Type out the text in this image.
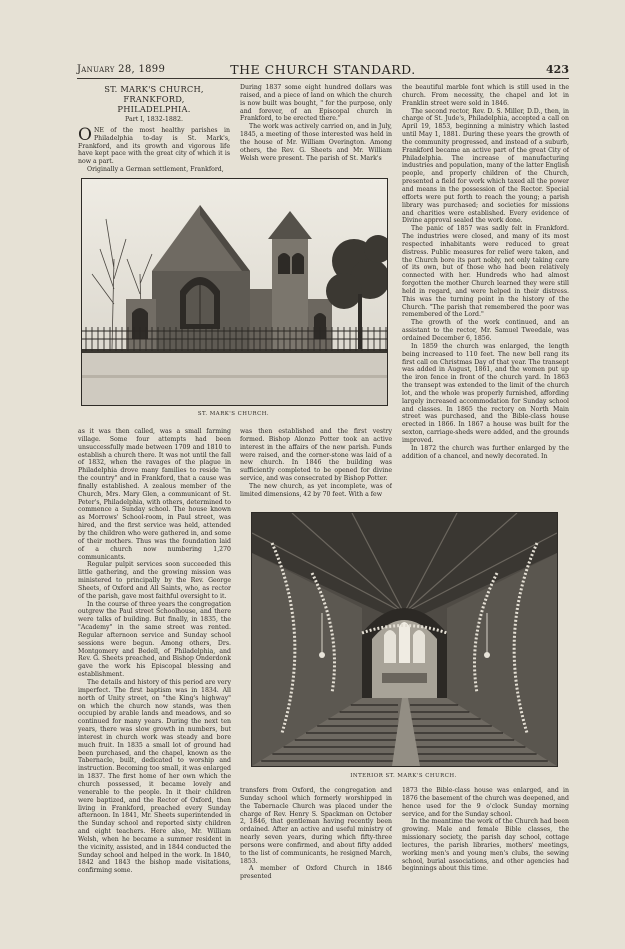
January 28, 1899	THE CHURCH STANDARD.	423
ST. MARK'S CHURCH, FRANKFORD,
PHILADELPHIA.
Part I, 1832-1882.

ONE of the most healthy parishes in Philadelphia to-day is St. Mark's, Frankford, and its growth and vigorous life have kept pace with the great city of which it is now a part.

Originally a German settlement, Frankford,

During 1837 some eight hundred dollars was raised, and a piece of land on which the church is now built was bought, " for the purpose, only and forever, of an Episcopal church in Frankford, to be erected there."

The work was actively carried on, and in July, 1845, a meeting of those interested was held in the house of Mr. William Overington. Among others, the Rev. G. Sheets and Mr. William Welsh were present. The parish of St. Mark's

the beautiful marble font which is still used in the church. From necessity, the chapel and lot in Franklin street were sold in 1846.

The second rector, Rev. D. S. Miller, D.D., then, in charge of St. Jude's, Philadelphia, accepted a call on April 19, 1853, beginning a ministry which lasted until May 1, 1881. During these years the growth of the community progressed, and instead of a suburb, Frankford became an active part of the great City of Philadelphia. The increase of manufacturing industries and population, many of the latter English people, and properly children of the Church, presented a field for work which taxed all the power and means in the possession of the Rector. Special efforts were put forth to reach the young; a parish library was purchased; and societies for missions and charities were established. Every evidence of Divine approval sealed the work done.

The panic of 1857 was sadly felt in Frankford. The industries were closed, and many of its most respected inhabitants were reduced to great distress. Public measures for relief were taken, and the Church bore its part nobly, not only taking care of its own, but of those who had been relatively connected with her. Hundreds who had almost forgotten the mother Church learned they were still held in regard, and were helped in their distress. This was the turning point in the history of the Church. "The parish that remembered the poor was remembered of the Lord."

The growth of the work continued, and an assistant to the rector, Mr. Samuel Tweedale, was ordained December 6, 1856.

In 1859 the church was enlarged, the length being increased to 110 feet. The new bell rang its first call on Christmas Day of that year. The transept was added in August, 1861, and the women put up the iron fence in front of the church yard. In 1863 the transept was extended to the limit of the church lot, and the whole was properly furnished, affording largely increased accommodation for Sunday school and classes. In 1865 the rectory on North Main street was purchased, and the Bible-class house erected in 1866. In 1867 a house was built for the sexton, carriage-sheds were added, and the grounds improved.

In 1872 the church was further enlarged by the addition of a chancel, and newly decorated. In

ST. MARK'S CHURCH.

as it was then called, was a small farming village. Some four attempts had been unsuccessfully made between 1709 and 1810 to establish a church there. It was not until the fall of 1832, when the ravages of the plague in Philadelphia drove many families to reside "in the country" and in Frankford, that a cause was finally established. A zealous member of the Church, Mrs. Mary Glen, a communicant of St. Peter's, Philadelphia, with others, determined to commence a Sunday school. The house known as Morrows' School-room, in Paul street, was hired, and the first service was held, attended by the children who were gathered in, and some of their mothers. Thus was the foundation laid of a church now numbering 1,270 communicants.

Regular pulpit services soon succeeded this little gathering, and the growing mission was ministered to principally by the Rev. George Sheets, of Oxford and All Saints, who, as rector of the parish, gave most faithful oversight to it.

In the course of three years the congregation outgrew the Paul street Schoolhouse, and there were talks of building. But finally, in 1835, the "Academy" in the same street was rented. Regular afternoon service and Sunday school sessions were begun. Among others, Drs. Montgomery and Bedell, of Philadelphia, and Rev. G. Sheets preached, and Bishop Onderdonk gave the work his Episcopal blessing and establishment.

The details and history of this period are very imperfect. The first baptism was in 1834. All north of Unity street, on "the King's highway" on which the church now stands, was then occupied by arable lands and meadows, and so continued for many years. During the next ten years, there was slow growth in numbers, but interest in church work was steady and bore much fruit. In 1835 a small lot of ground had been purchased, and the chapel, known as the Tabernacle, built, dedicated to worship and instruction. Becoming too small, it was enlarged in 1837. The first home of her own which the church possessed, it became lovely and venerable to the people. In it their children were baptized, and the Rector of Oxford, then living in Frankford, preached every Sunday afternoon. In 1841, Mr. Sheets superintended in the Sunday school and reported sixty children and eight teachers. Here also, Mr. William Welsh, when he became a summer resident in the vicinity, assisted, and in 1844 conducted the Sunday school and helped in the work. In 1840, 1842 and 1843 the bishop made visitations, confirming some.

was then established and the first vestry formed. Bishop Alonzo Potter took an active interest in the affairs of the new parish. Funds were raised, and the corner-stone was laid of a new church. In 1846 the building was sufficiently completed to be opened for divine service, and was consecrated by Bishop Potter.

The new church, as yet incomplete, was of limited dimensions, 42 by 70 feet. With a few

INTERIOR ST. MARK'S CHURCH.

transfers from Oxford, the congregation and Sunday school which formerly worshipped in the Tabernacle Church was placed under the charge of Rev. Henry S. Spackman on October 2, 1846, that gentleman having recently been ordained. After an active and useful ministry of nearly seven years, during which fifty-three persons were confirmed, and about fifty added to the list of communicants, he resigned March, 1853.

A member of Oxford Church in 1846 presented

1873 the Bible-class house was enlarged, and in 1876 the basement of the church was deepened, and hence used for the 9 o'clock Sunday morning service, and for the Sunday school.

In the meantime the work of the Church had been growing. Male and female Bible classes, the missionary society, the parish day school, cottage lectures, the parish libraries, mothers' meetings, working men's and young men's clubs, the sewing school, burial associations, and other agencies had beginnings about this time.
